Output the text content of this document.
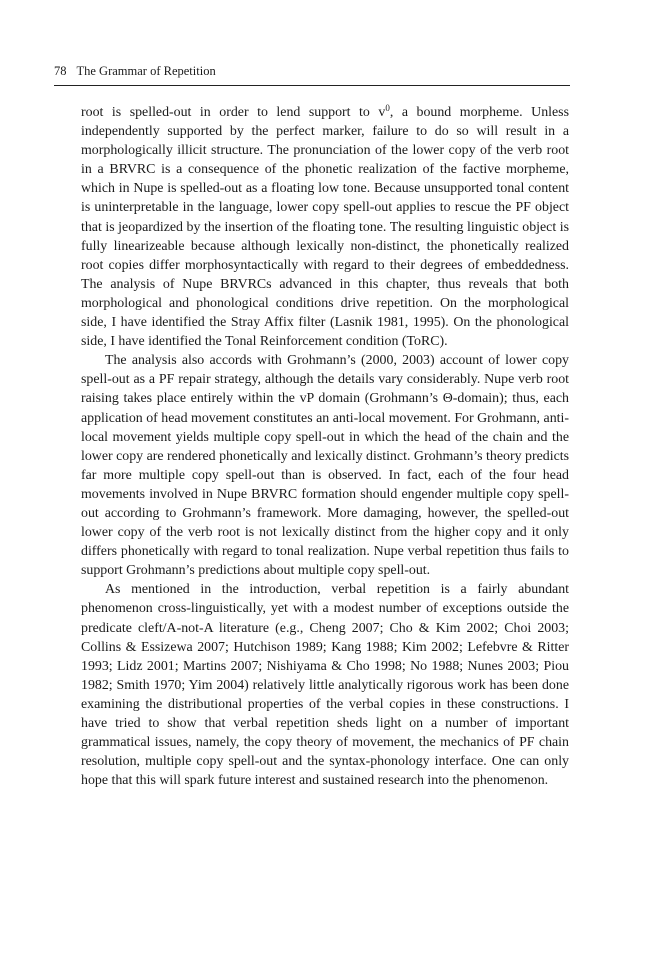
78 The Grammar of Repetition

root is spelled-out in order to lend support to $v^0$, a bound morpheme. Unless independently supported by the perfect marker, failure to do so will result in a morphologically illicit structure. The pronunciation of the lower copy of the verb root in a BRVRC is a consequence of the phonetic realization of the factive morpheme, which in Nupe is spelled-out as a floating low tone. Because unsupported tonal content is uninterpretable in the language, lower copy spell-out applies to rescue the PF object that is jeopardized by the insertion of the floating tone. The resulting linguistic object is fully linearizeable because although lexically non-distinct, the phonetically realized root copies differ morphosyntactically with regard to their degrees of embeddedness. The analysis of Nupe BRVRCs advanced in this chapter, thus reveals that both morphological and phonological conditions drive repetition. On the morphological side, I have identified the Stray Affix filter (Lasnik 1981, 1995). On the phonological side, I have identified the Tonal Reinforcement condition (ToRC).

The analysis also accords with Grohmann’s (2000, 2003) account of lower copy spell-out as a PF repair strategy, although the details vary considerably. Nupe verb root raising takes place entirely within the vP domain (Grohmann’s Θ-domain); thus, each application of head movement constitutes an anti-local movement. For Grohmann, anti-local movement yields multiple copy spell-out in which the head of the chain and the lower copy are rendered phonetically and lexically distinct. Grohmann’s theory predicts far more multiple copy spell-out than is observed. In fact, each of the four head movements involved in Nupe BRVRC formation should engender multiple copy spell-out according to Grohmann’s framework. More damaging, however, the spelled-out lower copy of the verb root is not lexically distinct from the higher copy and it only differs phonetically with regard to tonal realization. Nupe verbal repetition thus fails to support Grohmann’s predictions about multiple copy spell-out.

As mentioned in the introduction, verbal repetition is a fairly abundant phenomenon cross-linguistically, yet with a modest number of exceptions outside the predicate cleft/A-not-A literature (e.g., Cheng 2007; Cho & Kim 2002; Choi 2003; Collins & Essizewa 2007; Hutchison 1989; Kang 1988; Kim 2002; Lefebvre & Ritter 1993; Lidz 2001; Martins 2007; Nishiyama & Cho 1998; No 1988; Nunes 2003; Piou 1982; Smith 1970; Yim 2004) relatively little analytically rigorous work has been done examining the distributional properties of the verbal copies in these constructions. I have tried to show that verbal repetition sheds light on a number of important grammatical issues, namely, the copy theory of movement, the mechanics of PF chain resolution, multiple copy spell-out and the syntax-phonology interface. One can only hope that this will spark future interest and sustained research into the phenomenon.
